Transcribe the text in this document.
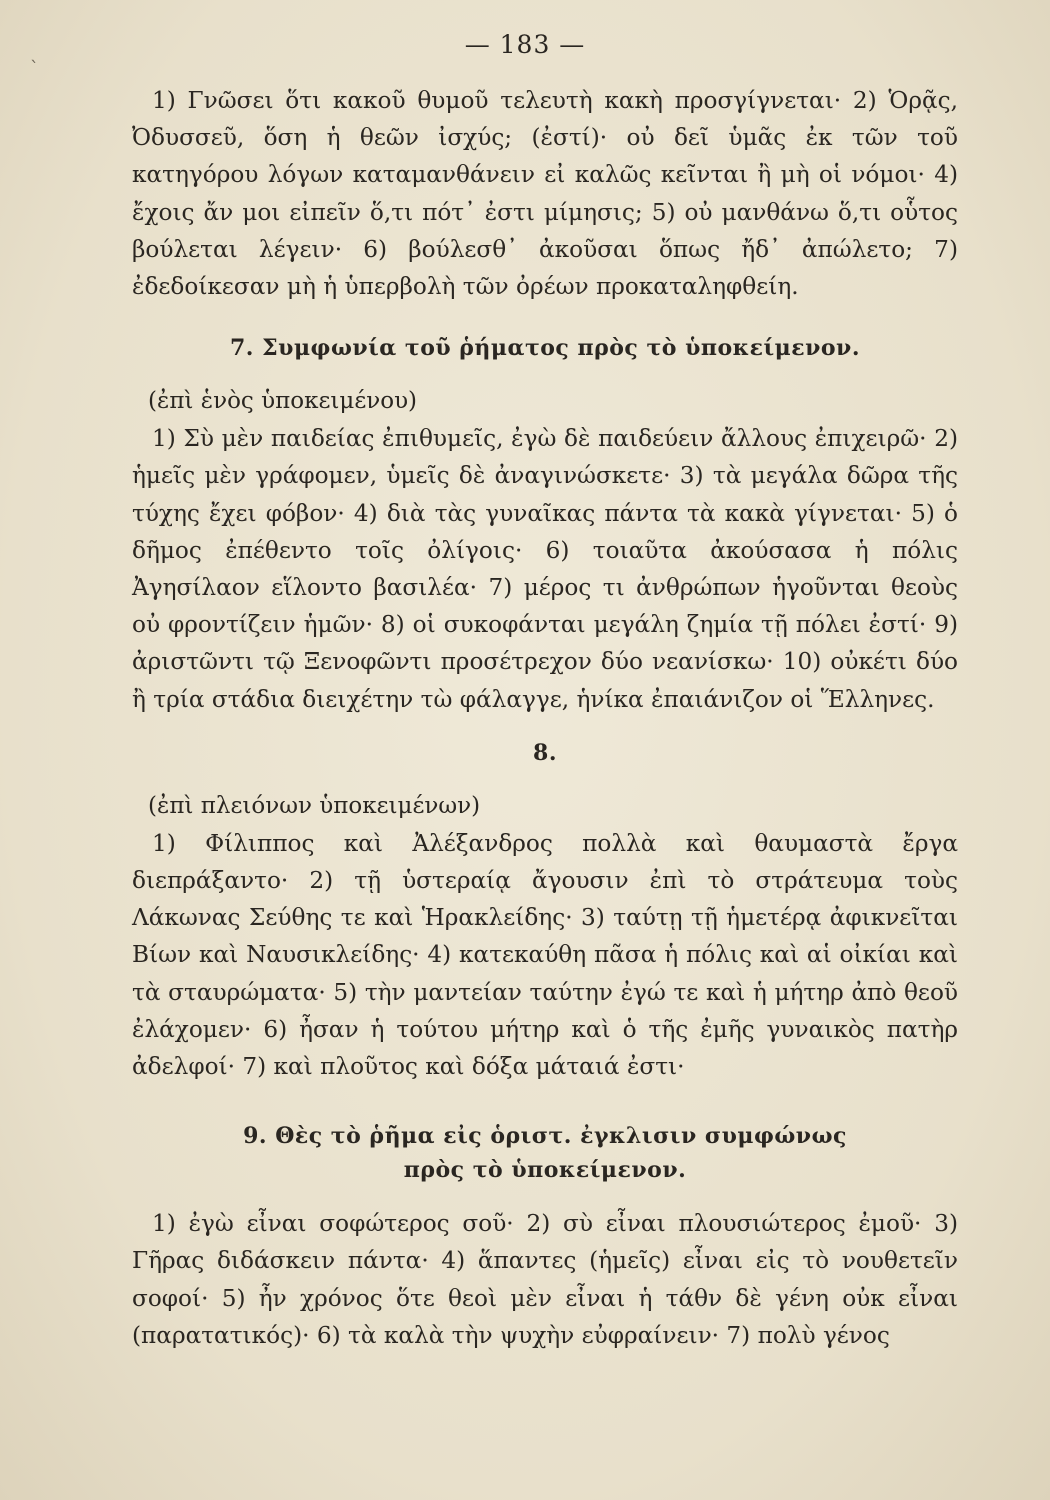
`
— 183 —

1) Γνῶσει ὅτι κακοῦ θυμοῦ τελευτὴ κακὴ προσγίγνεται· 2) Ὁρᾷς, Ὀδυσσεῦ, ὅση ἡ θεῶν ἰσχύς; (ἐστί)· οὐ δεῖ ὑμᾶς ἐκ τῶν τοῦ κατηγόρου λόγων καταμανθάνειν εἰ καλῶς κεῖνται ἢ μὴ οἱ νόμοι· 4) ἔχοις ἄν μοι εἰπεῖν ὅ,τι πότ᾽ ἐστι μίμησις; 5) οὐ μανθάνω ὅ,τι οὗτος βούλεται λέγειν· 6) βούλεσθ᾽ ἀκοῦσαι ὅπως ἤδ᾽ ἀπώλετο; 7) ἐδεδοίκεσαν μὴ ἡ ὑπερβολὴ τῶν ὀρέων προκαταληφθείη.

7. Συμφωνία τοῦ ῥήματος πρὸς τὸ ὑποκείμενον.

(ἐπὶ ἑνὸς ὑποκειμένου)

1) Σὺ μὲν παιδείας ἐπιθυμεῖς, ἐγὼ δὲ παιδεύειν ἄλλους ἐπιχειρῶ· 2) ἡμεῖς μὲν γράφομεν, ὑμεῖς δὲ ἀναγινώσκετε· 3) τὰ μεγάλα δῶρα τῆς τύχης ἔχει φόβον· 4) διὰ τὰς γυναῖκας πάντα τὰ κακὰ γίγνεται· 5) ὁ δῆμος ἐπέθεντο τοῖς ὀλίγοις· 6) τοιαῦτα ἀκούσασα ἡ πόλις Ἀγησίλαον εἵλοντο βασιλέα· 7) μέρος τι ἀνθρώπων ἡγοῦνται θεοὺς οὐ φροντίζειν ἡμῶν· 8) οἱ συκοφάνται μεγάλη ζημία τῇ πόλει ἐστί· 9) ἀριστῶντι τῷ Ξενοφῶντι προσέτρεχον δύο νεανίσκω· 10) οὐκέτι δύο ἢ τρία στάδια διειχέτην τὼ φάλαγγε, ἡνίκα ἐπαιάνιζον οἱ Ἕλληνες.

8.

(ἐπὶ πλειόνων ὑποκειμένων)

1) Φίλιππος καὶ Ἀλέξανδρος πολλὰ καὶ θαυμαστὰ ἔργα διεπράξαντο· 2) τῇ ὑστεραίᾳ ἄγουσιν ἐπὶ τὸ στράτευμα τοὺς Λάκωνας Σεύθης τε καὶ Ἡρακλείδης· 3) ταύτῃ τῇ ἡμετέρᾳ ἀφικνεῖται Βίων καὶ Ναυσικλείδης· 4) κατεκαύθη πᾶσα ἡ πόλις καὶ αἱ οἰκίαι καὶ τὰ σταυρώματα· 5) τὴν μαντείαν ταύτην ἐγώ τε καὶ ἡ μήτηρ ἀπὸ θεοῦ ἐλάχομεν· 6) ἦσαν ἡ τούτου μήτηρ καὶ ὁ τῆς ἐμῆς γυναικὸς πατὴρ ἀδελφοί· 7) καὶ πλοῦτος καὶ δόξα μάταιά ἐστι·

9. Θὲς τὸ ῥῆμα εἰς ὁριστ. ἐγκλισιν συμφώνως

πρὸς τὸ ὑποκείμενον.

1) ἐγὼ εἶναι σοφώτερος σοῦ· 2) σὺ εἶναι πλουσιώτερος ἐμοῦ· 3) Γῆρας διδάσκειν πάντα· 4) ἅπαντες (ἡμεῖς) εἶναι εἰς τὸ νουθετεῖν σοφοί· 5) ἦν χρόνος ὅτε θεοὶ μὲν εἶναι ἡ τάθν δὲ γένη οὐκ εἶναι (παρατατικός)· 6) τὰ καλὰ τὴν ψυχὴν εὐφραίνειν· 7) πολὺ γένος
